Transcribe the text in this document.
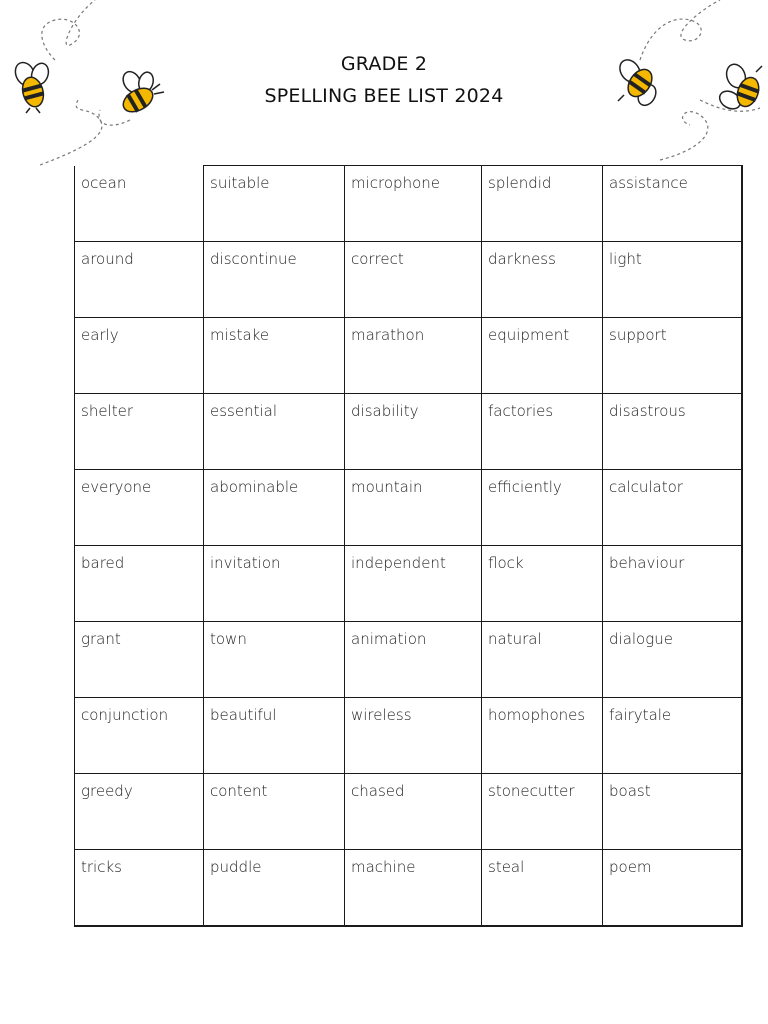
GRADE 2
SPELLING BEE LIST 2024
ocean	suitable	microphone	splendid	assistance
around	discontinue	correct	darkness	light
early	mistake	marathon	equipment	support
shelter	essential	disability	factories	disastrous
everyone	abominable	mountain	efficiently	calculator
bared	invitation	independent	flock	behaviour
grant	town	animation	natural	dialogue
conjunction	beautiful	wireless	homophones	fairytale
greedy	content	chased	stonecutter	boast
tricks	puddle	machine	steal	poem
